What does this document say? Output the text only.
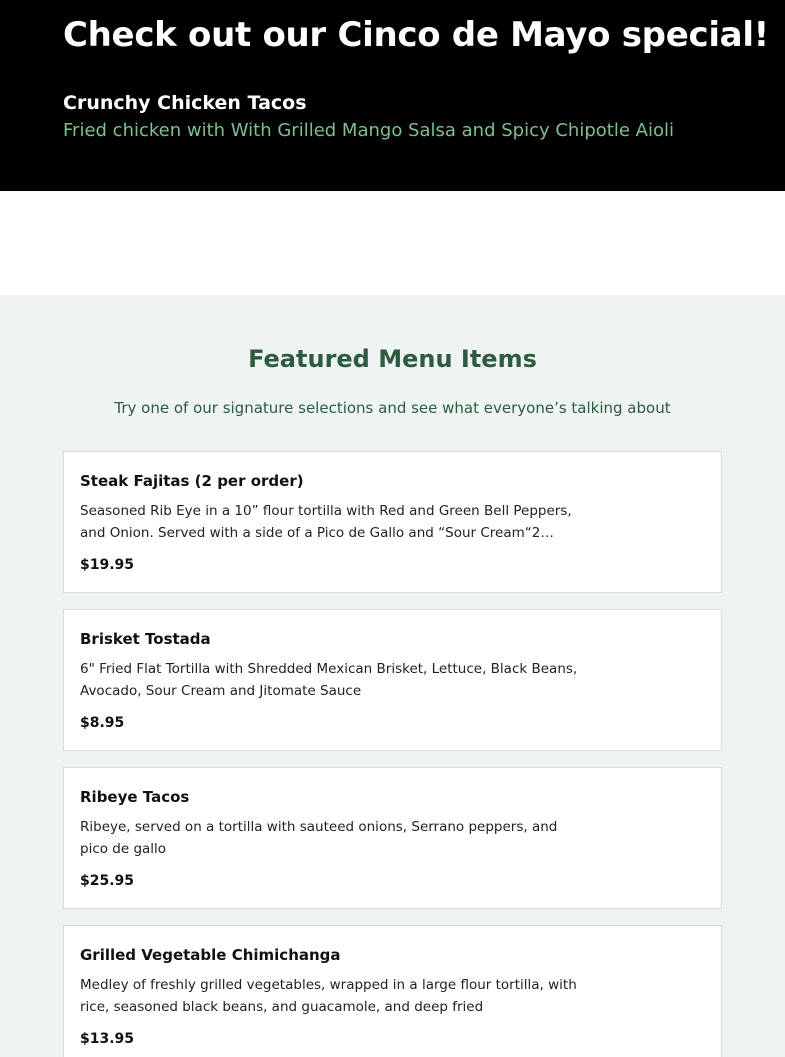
Check out our Cinco de Mayo special!
Crunchy Chicken Tacos
Fried chicken with With Grilled Mango Salsa and Spicy Chipotle Aioli
Featured Menu Items
Try one of our signature selections and see what everyone’s talking about
Steak Fajitas (2 per order)
Seasoned Rib Eye in a 10” flour tortilla with Red and Green Bell Peppers, and Onion. Served with a side of a Pico de Gallo and “Sour Cream“2
$19.95
Brisket Tostada
6" Fried Flat Tortilla with Shredded Mexican Brisket, Lettuce, Black Beans, Avocado, Sour Cream and Jitomate Sauce
$8.95
Ribeye Tacos
Ribeye, served on a tortilla with sauteed onions, Serrano peppers, and pico de gallo
$25.95
Grilled Vegetable Chimichanga
Medley of freshly grilled vegetables, wrapped in a large flour tortilla, with rice, seasoned black beans, and guacamole, and deep fried
$13.95
